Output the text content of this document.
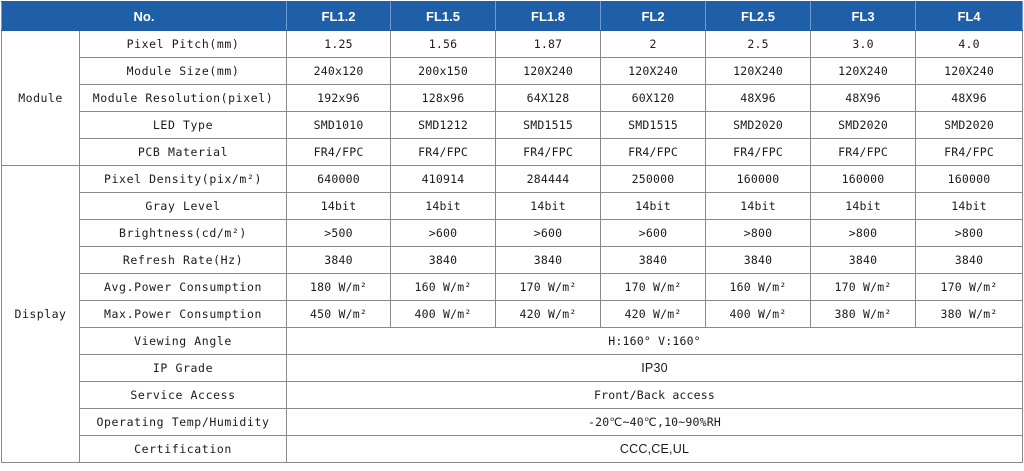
No.		FL1.2	FL1.5	FL1.8	FL2	FL2.5	FL3	FL4
Module	Pixel Pitch(mm)	1.25	1.56	1.87	2	2.5	3.0	4.0
	Module Size(mm)	240x120	200x150	120X240	120X240	120X240	120X240	120X240
	Module Resolution(pixel)	192x96	128x96	64X128	60X120	48X96	48X96	48X96
	LED Type	SMD1010	SMD1212	SMD1515	SMD1515	SMD2020	SMD2020	SMD2020
	PCB Material	FR4/FPC	FR4/FPC	FR4/FPC	FR4/FPC	FR4/FPC	FR4/FPC	FR4/FPC
Display	Pixel Density(pix/m²)	640000	410914	284444	250000	160000	160000	160000
	Gray Level	14bit	14bit	14bit	14bit	14bit	14bit	14bit
	Brightness(cd/m²)	>500	>600	>600	>600	>800	>800	>800
	Refresh Rate(Hz)	3840	3840	3840	3840	3840	3840	3840
	Avg.Power Consumption	180 W/m²	160 W/m²	170 W/m²	170 W/m²	160 W/m²	170 W/m²	170 W/m²
	Max.Power Consumption	450 W/m²	400 W/m²	420 W/m²	420 W/m²	400 W/m²	380 W/m²	380 W/m²
	Viewing Angle	H:160° V:160°						
	IP Grade	IP30						
	Service Access	Front/Back access						
	Operating Temp/Humidity	-20℃~40℃,10~90%RH						
	Certification	CCC,CE,UL						
